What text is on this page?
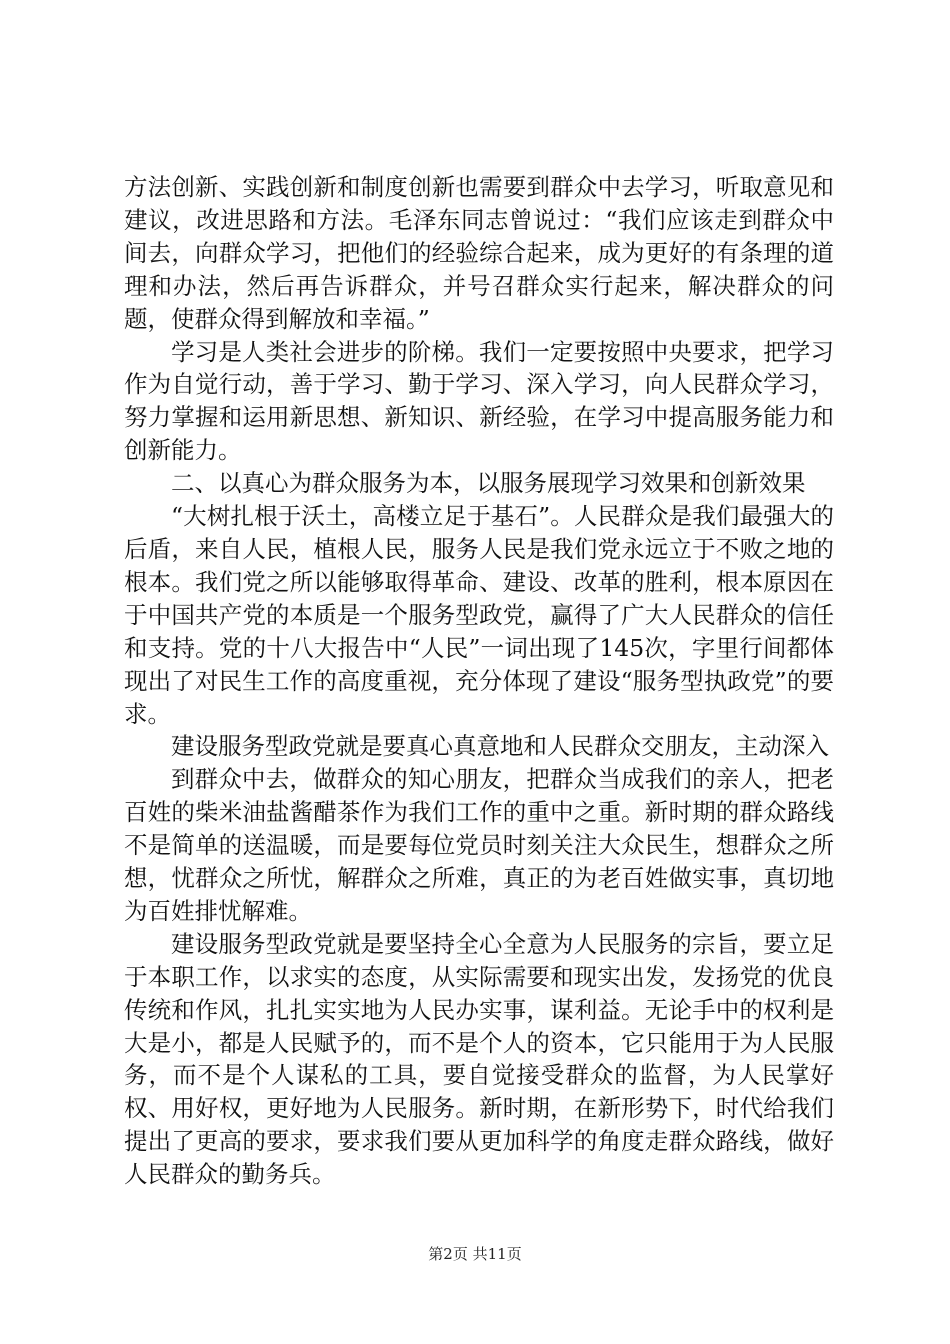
方法创新、实践创新和制度创新也需要到群众中去学习，听取意见和建议，改进思路和方法。毛泽东同志曾说过：“我们应该走到群众中间去，向群众学习，把他们的经验综合起来，成为更好的有条理的道理和办法，然后再告诉群众，并号召群众实行起来，解决群众的问题，使群众得到解放和幸福。”

学习是人类社会进步的阶梯。我们一定要按照中央要求，把学习作为自觉行动，善于学习、勤于学习、深入学习，向人民群众学习，努力掌握和运用新思想、新知识、新经验，在学习中提高服务能力和创新能力。

二、以真心为群众服务为本，以服务展现学习效果和创新效果

“大树扎根于沃土，高楼立足于基石”。人民群众是我们最强大的后盾，来自人民，植根人民，服务人民是我们党永远立于不败之地的根本。我们党之所以能够取得革命、建设、改革的胜利，根本原因在于中国共产党的本质是一个服务型政党，赢得了广大人民群众的信任和支持。党的十八大报告中“人民”一词出现了145次，字里行间都体现出了对民生工作的高度重视，充分体现了建设“服务型执政党”的要求。

建设服务型政党就是要真心真意地和人民群众交朋友，主动深入

到群众中去，做群众的知心朋友，把群众当成我们的亲人，把老百姓的柴米油盐酱醋茶作为我们工作的重中之重。新时期的群众路线不是简单的送温暖，而是要每位党员时刻关注大众民生，想群众之所想，忧群众之所忧，解群众之所难，真正的为老百姓做实事，真切地为百姓排忧解难。

建设服务型政党就是要坚持全心全意为人民服务的宗旨，要立足于本职工作，以求实的态度，从实际需要和现实出发，发扬党的优良传统和作风，扎扎实实地为人民办实事，谋利益。无论手中的权利是大是小，都是人民赋予的，而不是个人的资本，它只能用于为人民服务，而不是个人谋私的工具，要自觉接受群众的监督，为人民掌好权、用好权，更好地为人民服务。新时期，在新形势下，时代给我们提出了更高的要求，要求我们要从更加科学的角度走群众路线，做好人民群众的勤务兵。

第2页 共11页
